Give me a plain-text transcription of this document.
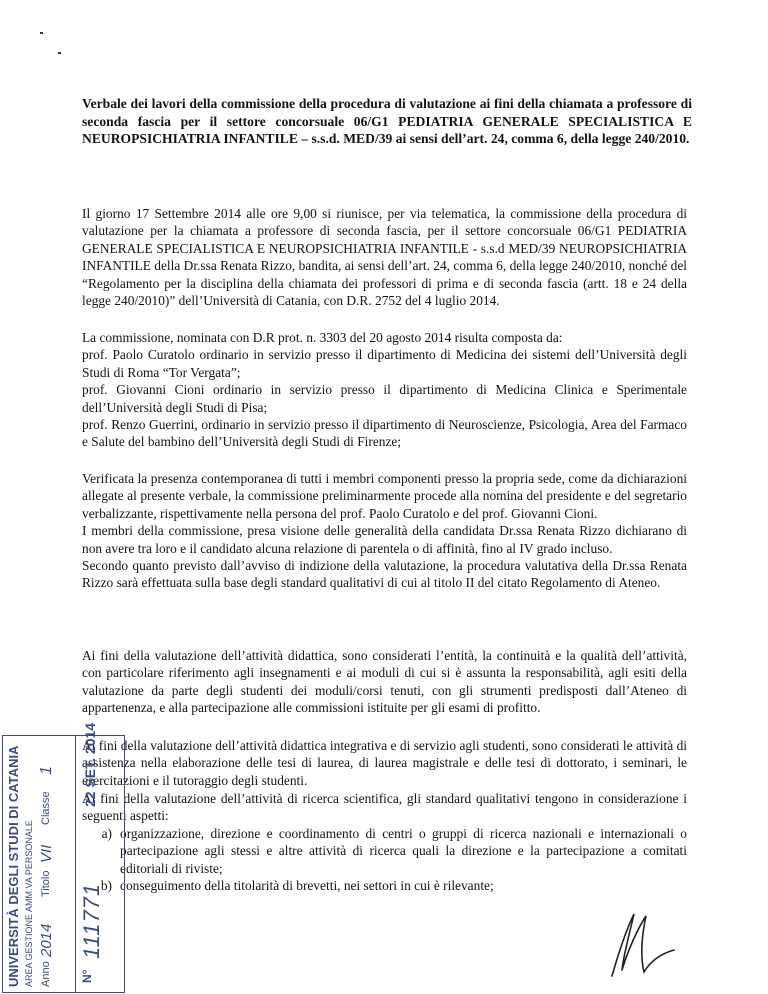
Verbale dei lavori della commissione della procedura di valutazione ai fini della chiamata a professore di seconda fascia per il settore concorsuale 06/G1 PEDIATRIA GENERALE SPECIALISTICA E NEUROPSICHIATRIA INFANTILE – s.s.d. MED/39 ai sensi dell’art. 24, comma 6, della legge 240/2010.

Il giorno 17 Settembre 2014 alle ore 9,00 si riunisce, per via telematica, la commissione della procedura di valutazione per la chiamata a professore di seconda fascia, per il settore concorsuale 06/G1 PEDIATRIA GENERALE SPECIALISTICA E NEUROPSICHIATRIA INFANTILE - s.s.d MED/39 NEUROPSICHIATRIA INFANTILE della Dr.ssa Renata Rizzo, bandita, ai sensi dell’art. 24, comma 6, della legge 240/2010, nonché del “Regolamento per la disciplina della chiamata dei professori di prima e di seconda fascia (artt. 18 e 24 della legge 240/2010)” dell’Università di Catania, con D.R. 2752 del 4 luglio 2014.

La commissione, nominata con D.R prot. n. 3303 del 20 agosto 2014 risulta composta da:
prof. Paolo Curatolo ordinario in servizio presso il dipartimento di Medicina dei sistemi dell’Università degli Studi di Roma “Tor Vergata”;
prof. Giovanni Cioni ordinario in servizio presso il dipartimento di Medicina Clinica e Sperimentale dell’Università degli Studi di Pisa;
prof. Renzo Guerrini, ordinario in servizio presso il dipartimento di Neuroscienze, Psicologia, Area del Farmaco e Salute del bambino dell’Università degli Studi di Firenze;
Verificata la presenza contemporanea di tutti i membri componenti presso la propria sede, come da dichiarazioni allegate al presente verbale, la commissione preliminarmente procede alla nomina del presidente e del segretario verbalizzante, rispettivamente nella persona del prof. Paolo Curatolo e del prof. Giovanni Cioni.
I membri della commissione, presa visione delle generalità della candidata Dr.ssa Renata Rizzo dichiarano di non avere tra loro e il candidato alcuna relazione di parentela o di affinità, fino al IV grado incluso.
Secondo quanto previsto dall’avviso di indizione della valutazione, la procedura valutativa della Dr.ssa Renata Rizzo sarà effettuata sulla base degli standard qualitativi di cui al titolo II del citato Regolamento di Ateneo.

Ai fini della valutazione dell’attività didattica, sono considerati l’entità, la continuità e la qualità dell’attività, con particolare riferimento agli insegnamenti e ai moduli di cui si è assunta la responsabilità, agli esiti della valutazione da parte degli studenti dei moduli/corsi tenuti, con gli strumenti predisposti dall’Ateneo di appartenenza, e alla partecipazione alle commissioni istituite per gli esami di profitto.

Ai fini della valutazione dell’attività didattica integrativa e di servizio agli studenti, sono considerati le attività di assistenza nella elaborazione delle tesi di laurea, di laurea magistrale e delle tesi di dottorato, i seminari, le esercitazioni e il tutoraggio degli studenti.

Ai fini della valutazione dell’attività di ricerca scientifica, gli standard qualitativi tengono in considerazione i seguenti aspetti:

a) organizzazione, direzione e coordinamento di centri o gruppi di ricerca nazionali e internazionali o partecipazione agli stessi e altre attività di ricerca quali la direzione e la partecipazione a comitati editoriali di riviste;
b) conseguimento della titolarità di brevetti, nei settori in cui è rilevante;
UNIVERSITÀ DEGLI STUDI DI CATANIA AREA GESTIONE AMM.VA PERSONALE Anno
2014
Titolo
VII
Classe
1
N°
111771
22 SET. 2014
